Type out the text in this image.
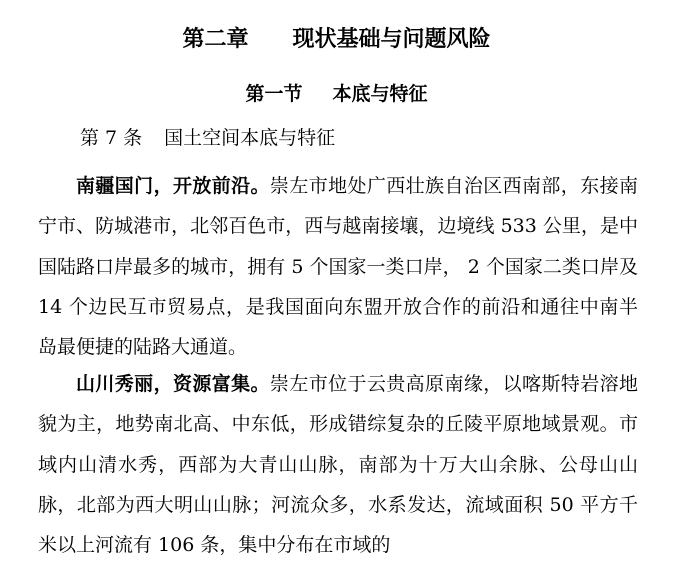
第二章 现状基础与问题风险
第一节 本底与特征
第 7 条 国土空间本底与特征

南疆国门，开放前沿。崇左市地处广西壮族自治区西南部，东接南宁市、防城港市，北邻百色市，西与越南接壤，边境线 533 公里，是中国陆路口岸最多的城市，拥有 5 个国家一类口岸， 2 个国家二类口岸及 14 个边民互市贸易点，是我国面向东盟开放合作的前沿和通往中南半岛最便捷的陆路大通道。

山川秀丽，资源富集。崇左市位于云贵高原南缘，以喀斯特岩溶地貌为主，地势南北高、中东低，形成错综复杂的丘陵平原地域景观。市域内山清水秀，西部为大青山山脉，南部为十万大山余脉、公母山山脉，北部为西大明山山脉；河流众多，水系发达，流域面积 50 平方千米以上河流有 106 条，集中分布在市域的
